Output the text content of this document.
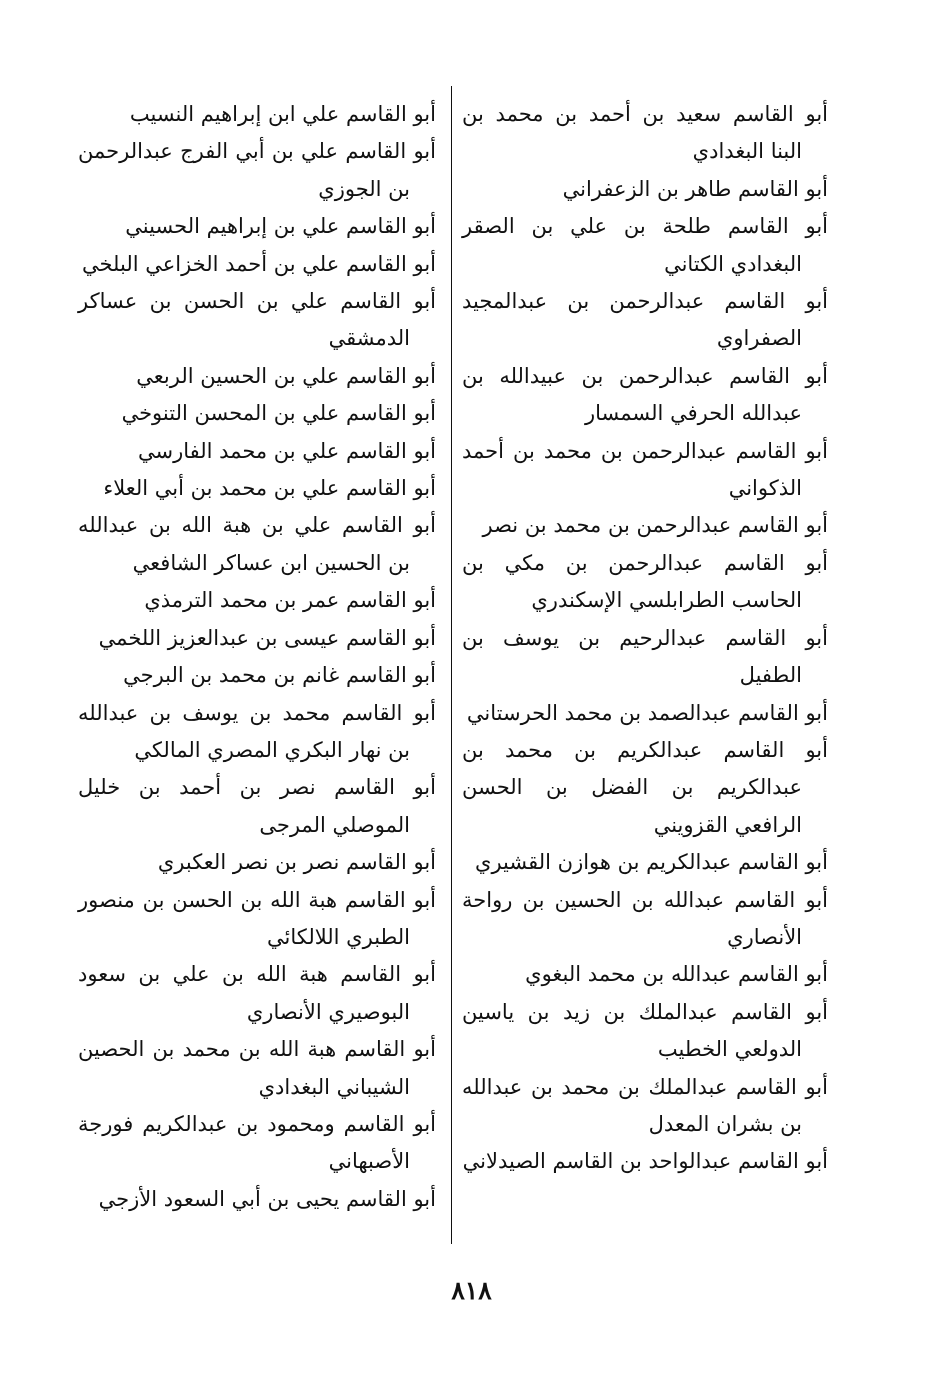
أبو القاسم سعيد بن أحمد بن محمد بن البنا البغدادي

أبو القاسم طاهر بن الزعفراني

أبو القاسم طلحة بن علي بن الصقر البغدادي الكتاني

أبو القاسم عبدالرحمن بن عبدالمجيد الصفراوي

أبو القاسم عبدالرحمن بن عبيدالله بن عبدالله الحرفي السمسار

أبو القاسم عبدالرحمن بن محمد بن أحمد الذكواني

أبو القاسم عبدالرحمن بن محمد بن نصر

أبو القاسم عبدالرحمن بن مكي بن الحاسب الطرابلسي الإسكندري

أبو القاسم عبدالرحيم بن يوسف بن الطفيل

أبو القاسم عبدالصمد بن محمد الحرستاني

أبو القاسم عبدالكريم بن محمد بن عبدالكريم بن الفضل بن الحسن الرافعي القزويني

أبو القاسم عبدالكريم بن هوازن القشيري

أبو القاسم عبدالله بن الحسين بن رواحة الأنصاري

أبو القاسم عبدالله بن محمد البغوي

أبو القاسم عبدالملك بن زيد بن ياسين الدولعي الخطيب

أبو القاسم عبدالملك بن محمد بن عبدالله بن بشران المعدل

أبو القاسم عبدالواحد بن القاسم الصيدلاني

أبو القاسم علي ابن إبراهيم النسيب

أبو القاسم علي بن أبي الفرج عبدالرحمن بن الجوزي

أبو القاسم علي بن إبراهيم الحسيني

أبو القاسم علي بن أحمد الخزاعي البلخي

أبو القاسم علي بن الحسن بن عساكر الدمشقي

أبو القاسم علي بن الحسين الربعي

أبو القاسم علي بن المحسن التنوخي

أبو القاسم علي بن محمد الفارسي

أبو القاسم علي بن محمد بن أبي العلاء

أبو القاسم علي بن هبة الله بن عبدالله بن الحسين ابن عساكر الشافعي

أبو القاسم عمر بن محمد الترمذي

أبو القاسم عيسى بن عبدالعزيز اللخمي

أبو القاسم غانم بن محمد بن البرجي

أبو القاسم محمد بن يوسف بن عبدالله بن نهار البكري المصري المالكي

أبو القاسم نصر بن أحمد بن خليل الموصلي المرجى

أبو القاسم نصر بن نصر العكبري

أبو القاسم هبة الله بن الحسن بن منصور الطبري اللالكائي

أبو القاسم هبة الله بن علي بن سعود البوصيري الأنصاري

أبو القاسم هبة الله بن محمد بن الحصين الشيباني البغدادي

أبو القاسم ومحمود بن عبدالكريم فورجة الأصبهاني

أبو القاسم يحيى بن أبي السعود الأزجي

٨١٨
